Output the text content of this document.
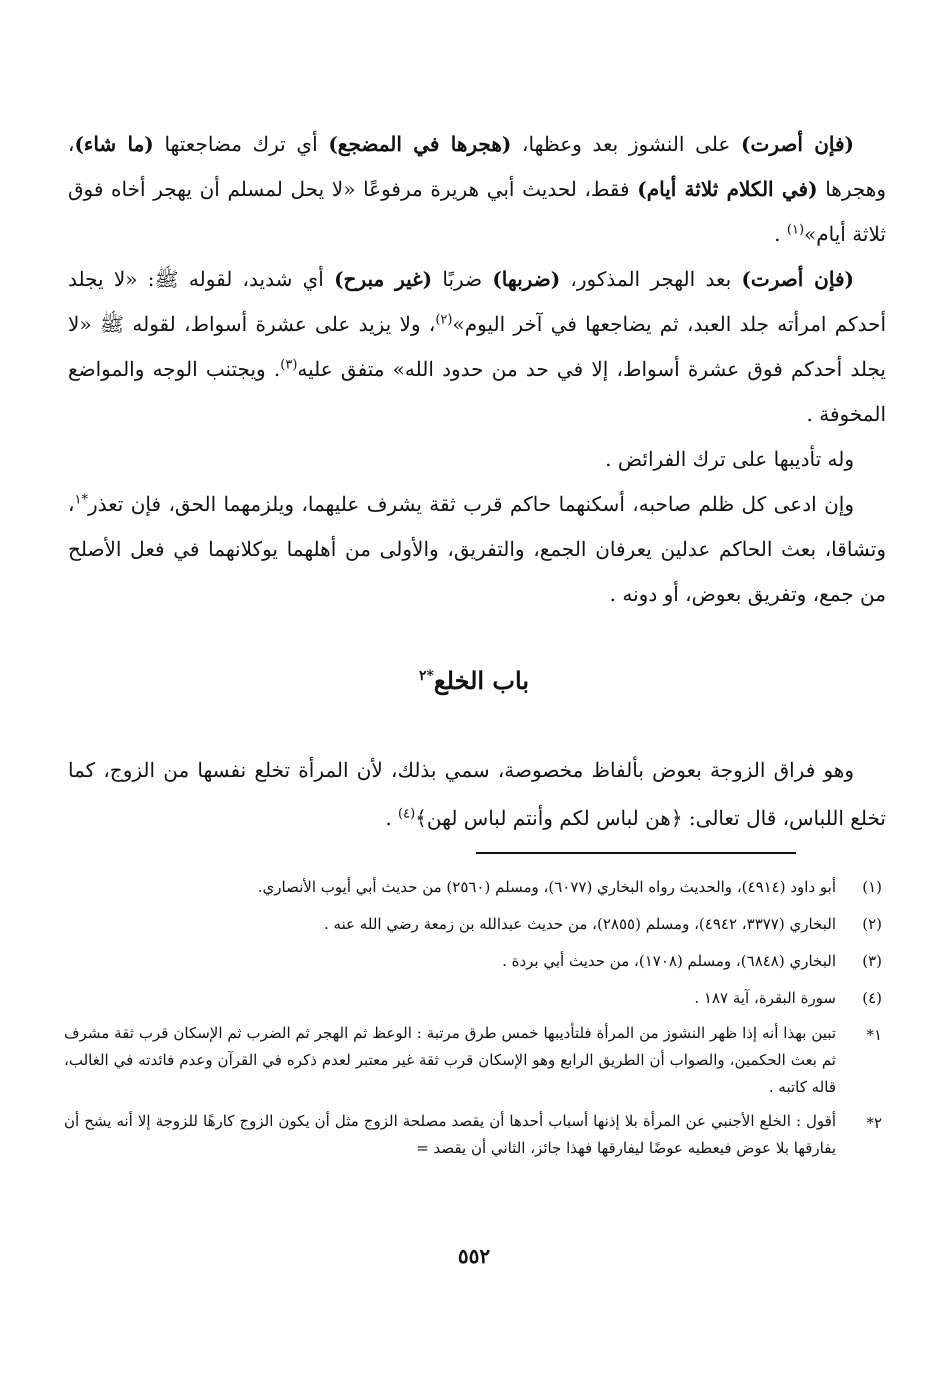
(فإن أصرت) على النشوز بعد وعظها، (هجرها في المضجع) أي ترك مضاجعتها (ما شاء)، وهجرها (في الكلام ثلاثة أيام) فقط، لحديث أبي هريرة مرفوعًا «لا يحل لمسلم أن يهجر أخاه فوق ثلاثة أيام»$^{(١)}$ .

(فإن أصرت) بعد الهجر المذكور، (ضربها) ضربًا (غير مبرح) أي شديد، لقوله ﷺ: «لا يجلد أحدكم امرأته جلد العبد، ثم يضاجعها في آخر اليوم»$^{(٢)}$، ولا يزيد على عشرة أسواط، لقوله ﷺ «لا يجلد أحدكم فوق عشرة أسواط، إلا في حد من حدود الله» متفق عليه$^{(٣)}$. ويجتنب الوجه والمواضع المخوفة .

وله تأديبها على ترك الفرائض .

وإن ادعى كل ظلم صاحبه، أسكنهما حاكم قرب ثقة يشرف عليهما، ويلزمهما الحق، فإن تعذر$^{*١}$، وتشاقا، بعث الحاكم عدلين يعرفان الجمع، والتفريق، والأولى من أهلهما يوكلانهما في فعل الأصلح من جمع، وتفريق بعوض، أو دونه .

باب الخلع$^{*٢}$

وهو فراق الزوجة بعوض بألفاظ مخصوصة، سمي بذلك، لأن المرأة تخلع نفسها من الزوج، كما تخلع اللباس، قال تعالى: ﴿هن لباس لكم وأنتم لباس لهن﴾$^{(٤)}$ .

(١)
أبو داود (٤٩١٤)، والحديث رواه البخاري (٦٠٧٧)، ومسلم (٢٥٦٠) من حديث أبي أيوب الأنصاري.
(٢)
البخاري (٣٣٧٧، ٤٩٤٢)، ومسلم (٢٨٥٥)، من حديث عبدالله بن زمعة رضي الله عنه .
(٣)
البخاري (٦٨٤٨)، ومسلم (١٧٠٨)، من حديث أبي بردة .
(٤)
سورة البقرة، آية ١٨٧ .
١*
تبين بهذا أنه إذا ظهر النشوز من المرأة فلتأديبها خمس طرق مرتبة : الوعظ ثم الهجر ثم الضرب ثم الإسكان قرب ثقة مشرف ثم بعث الحكمين، والصواب أن الطريق الرابع وهو الإسكان قرب ثقة غير معتبر لعدم ذكره في القرآن وعدم فائدته في الغالب، قاله كاتبه .
٢*
أقول : الخلع الأجنبي عن المرأة بلا إذنها أسباب أحدها أن يقصد مصلحة الزوج مثل أن يكون الزوج كارهًا للزوجة إلا أنه يشح أن يفارقها بلا عوض فيعطيه عوضًا ليفارقها فهذا جائز، الثاني أن يقصد =
٥٥٢
